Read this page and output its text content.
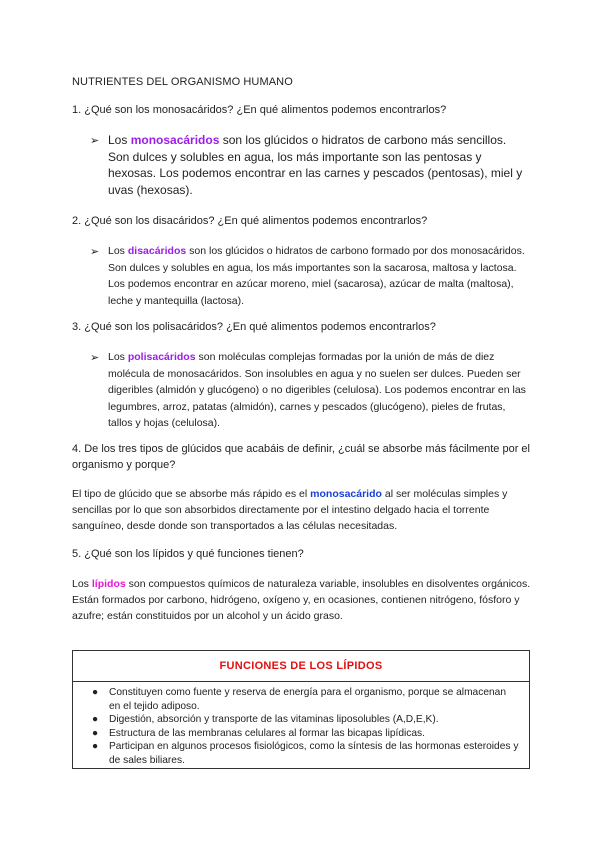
NUTRIENTES DEL ORGANISMO HUMANO
1. ¿Qué son los monosacáridos? ¿En qué alimentos podemos encontrarlos?
➢ Los monosacáridos son los glúcidos o hidratos de carbono más sencillos. Son dulces y solubles en agua, los más importante son las pentosas y hexosas. Los podemos encontrar en las carnes y pescados (pentosas), miel y uvas (hexosas).
2. ¿Qué son los disacáridos? ¿En qué alimentos podemos encontrarlos?
➢ Los disacáridos son los glúcidos o hidratos de carbono formado por dos monosacáridos. Son dulces y solubles en agua, los más importantes son la sacarosa, maltosa y lactosa. Los podemos encontrar en azúcar moreno, miel (sacarosa), azúcar de malta (maltosa), leche y mantequilla (lactosa).
3. ¿Qué son los polisacáridos? ¿En qué alimentos podemos encontrarlos?
➢ Los polisacáridos son moléculas complejas formadas por la unión de más de diez molécula de monosacáridos. Son insolubles en agua y no suelen ser dulces. Pueden ser digeribles (almidón y glucógeno) o no digeribles (celulosa). Los podemos encontrar en las legumbres, arroz, patatas (almidón), carnes y pescados (glucógeno), pieles de frutas, tallos y hojas (celulosa).
4. De los tres tipos de glúcidos que acabáis de definir, ¿cuál se absorbe más fácilmente por el organismo y porque?
El tipo de glúcido que se absorbe más rápido es el monosacárido al ser moléculas simples y sencillas por lo que son absorbidos directamente por el intestino delgado hacia el torrente sanguíneo, desde donde son transportados a las células necesitadas.
5. ¿Qué son los lípidos y qué funciones tienen?
Los lípidos son compuestos químicos de naturaleza variable, insolubles en disolventes orgánicos. Están formados por carbono, hidrógeno, oxígeno y, en ocasiones, contienen nitrógeno, fósforo y azufre; están constituidos por un alcohol y un ácido graso.
FUNCIONES DE LOS LÍPIDOS
● Constituyen como fuente y reserva de energía para el organismo, porque se almacenan en el tejido adiposo.
● Digestión, absorción y transporte de las vitaminas liposolubles (A,D,E,K).
● Estructura de las membranas celulares al formar las bicapas lipídicas.
● Participan en algunos procesos fisiológicos, como la síntesis de las hormonas esteroides y de sales biliares.
